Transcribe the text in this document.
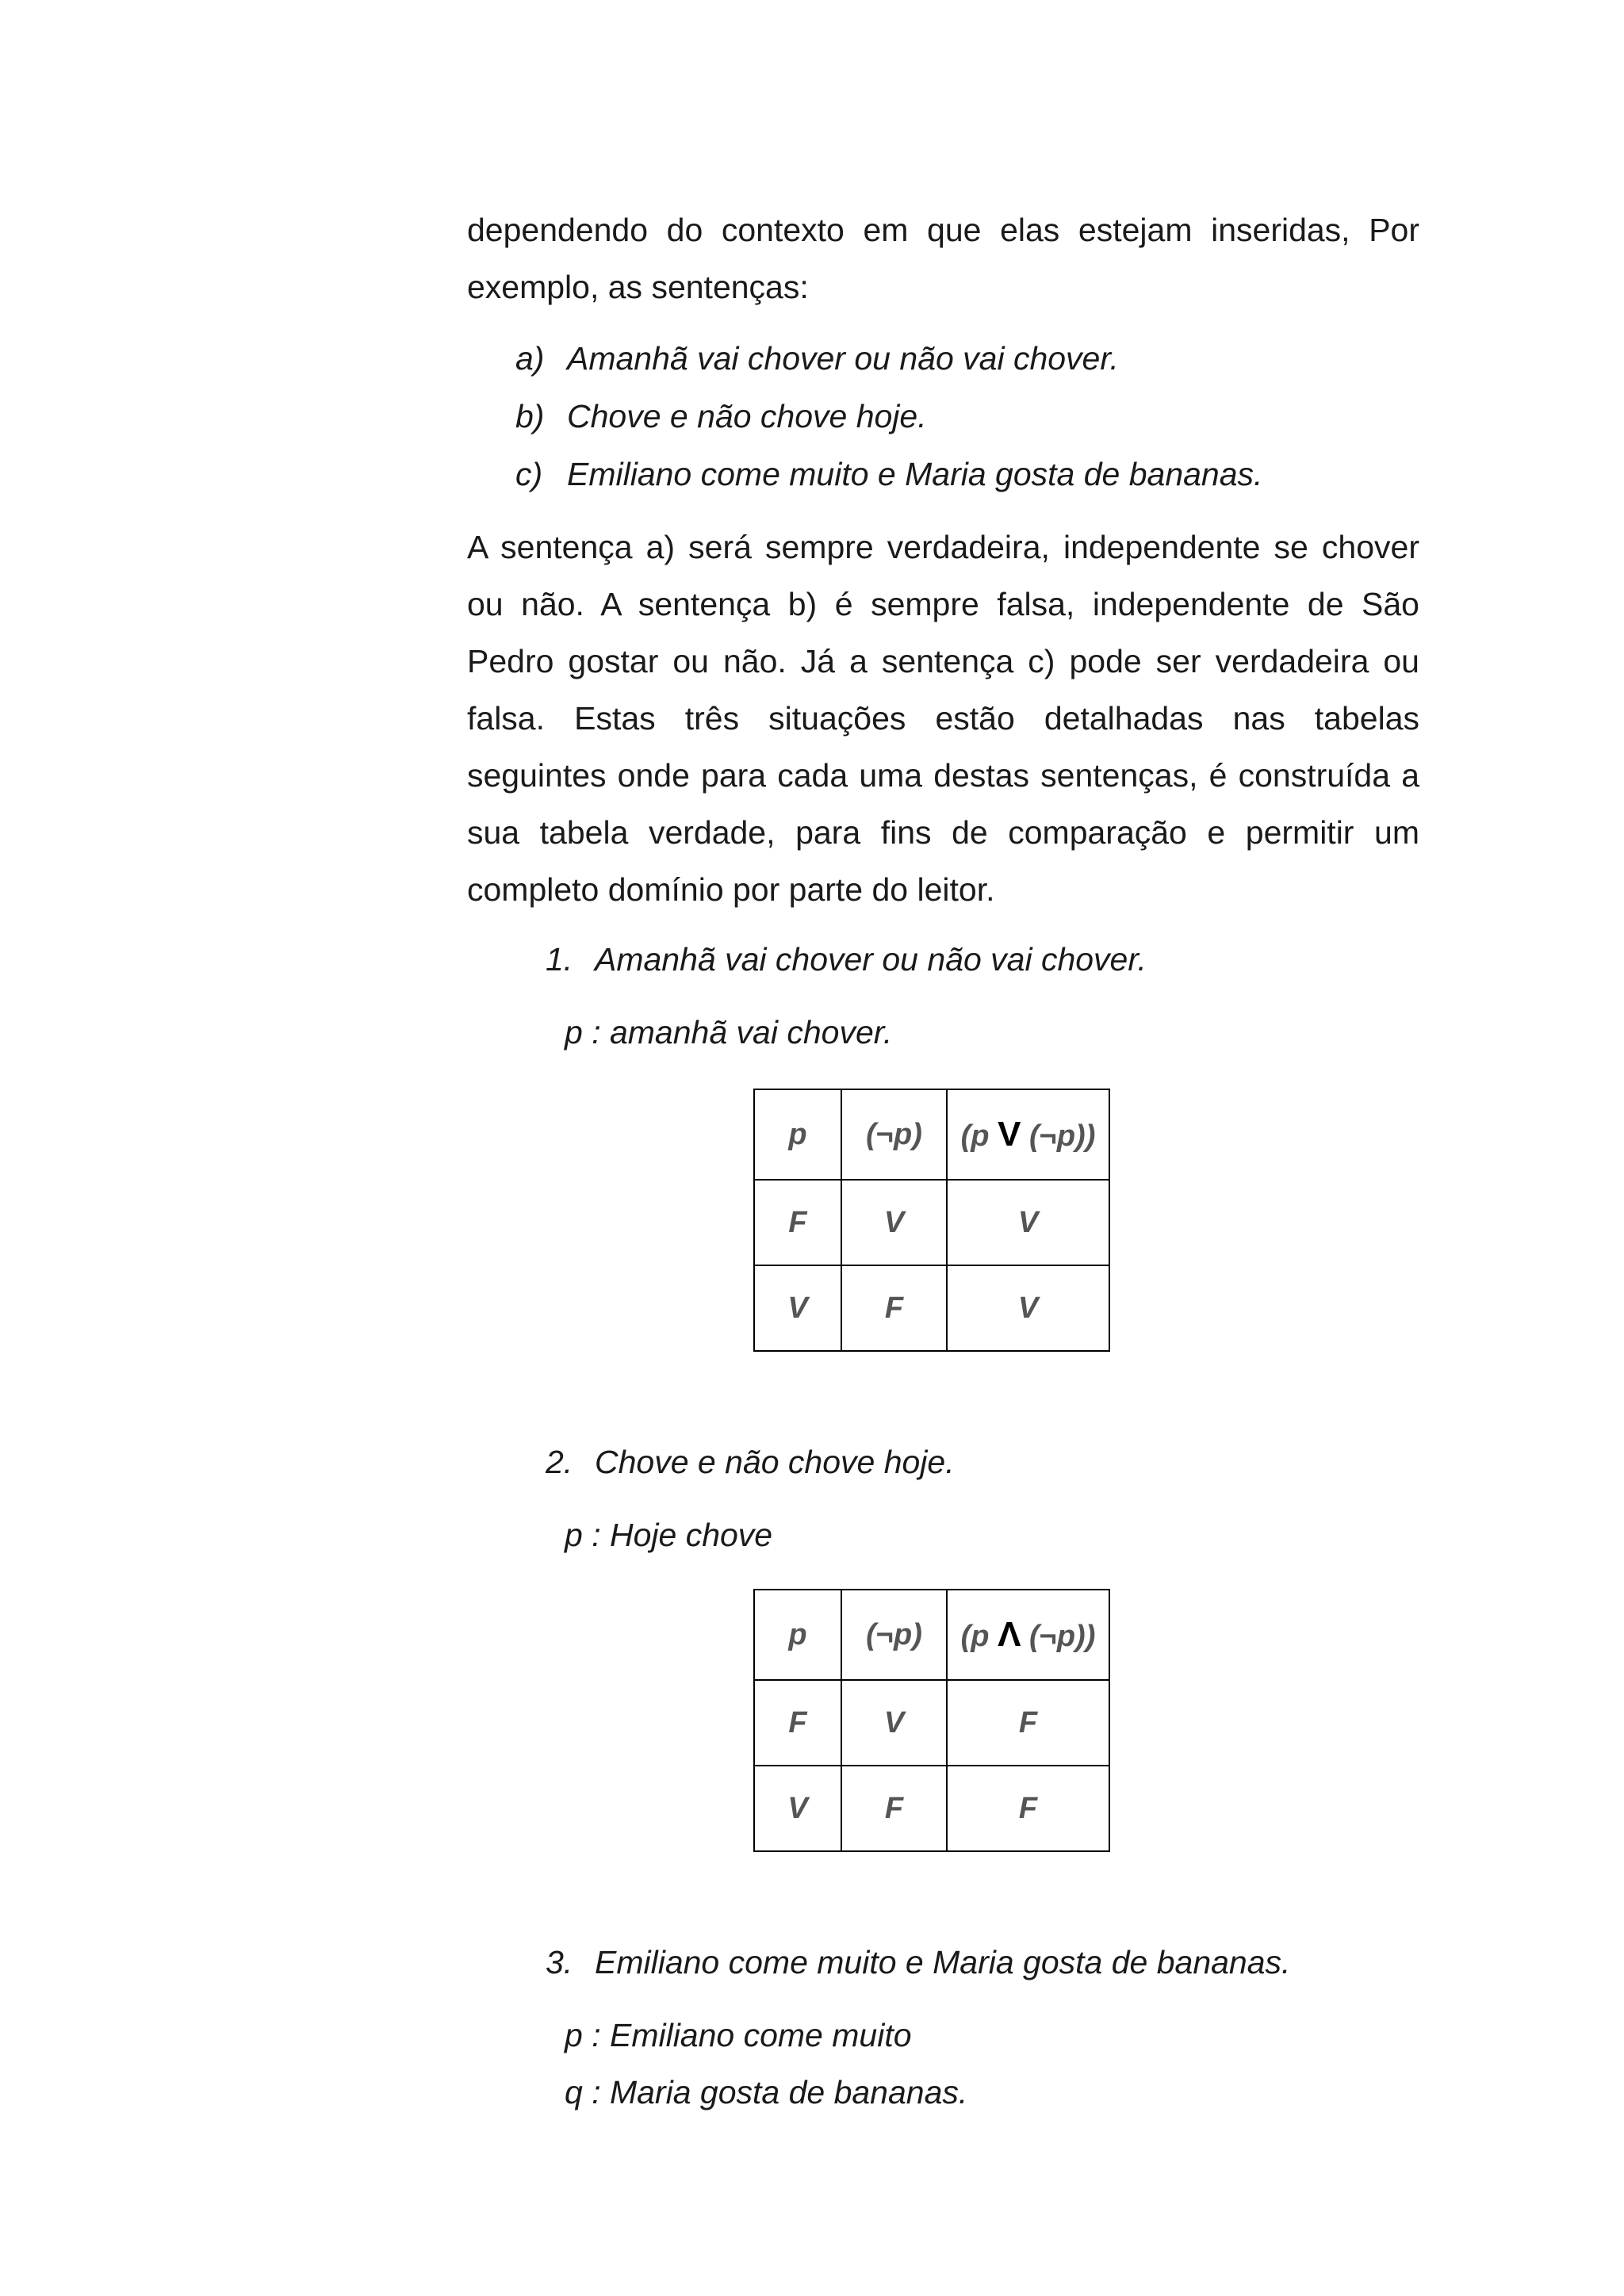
dependendo do contexto em que elas estejam inseridas, Por
exemplo, as sentenças:
a) Amanhã vai chover ou não vai chover.
b) Chove e não chove hoje.
c) Emiliano come muito e Maria gosta de bananas.

A sentença a) será sempre verdadeira, independente se chover ou não. A sentença b) é sempre falsa, independente de São Pedro gostar ou não. Já a sentença c) pode ser verdadeira ou falsa. Estas três situações estão detalhadas nas tabelas seguintes onde para cada uma destas sentenças, é construída a sua tabela verdade, para fins de comparação e permitir um completo domínio por parte do leitor.

1. Amanhã vai chover ou não vai chover.
p : amanhã vai chover.
p	(¬p)	(p V (¬p))
F	V	V
V	F	V
2. Chove e não chove hoje.
p : Hoje chove
p	(¬p)	(p Λ (¬p))
F	V	F
V	F	F
3. Emiliano come muito e Maria gosta de bananas.
p : Emiliano come muito
q : Maria gosta de bananas.
